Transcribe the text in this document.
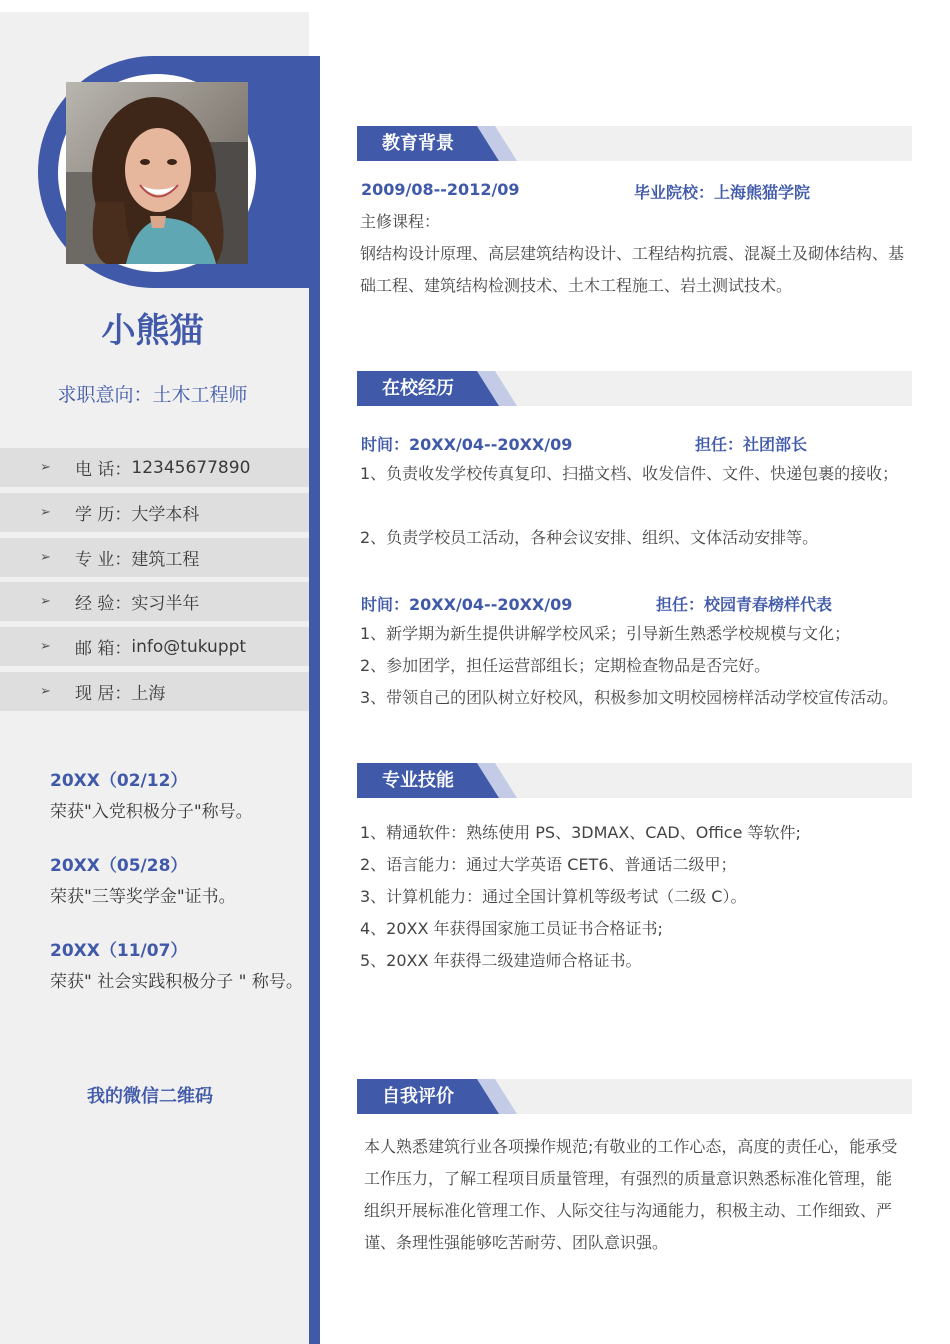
小熊猫
求职意向：土木工程师
➢	电 话： 12345677890
➢	学 历： 大学本科
➢	专 业： 建筑工程
➢	经 验： 实习半年
➢	邮 箱： info@tukuppt
➢	现 居： 上海
20XX（02/12）
荣获"入党积极分子"称号。
20XX（05/28）
荣获"三等奖学金"证书。
20XX（11/07）
荣获" 社会实践积极分子 " 称号。
我的微信二维码
教育背景
2009/08--2012/09	毕业院校：上海熊猫学院
主修课程：
钢结构设计原理、高层建筑结构设计、工程结构抗震、混凝土及砌体结构、基础工程、建筑结构检测技术、土木工程施工、岩土测试技术。
在校经历
时间：20XX/04--20XX/09	担任：社团部长
1、负责收发学校传真复印、扫描文档、收发信件、文件、快递包裹的接收；
2、负责学校员工活动，各种会议安排、组织、文体活动安排等。
时间：20XX/04--20XX/09	担任：校园青春榜样代表
1、新学期为新生提供讲解学校风采；引导新生熟悉学校规模与文化；
2、参加团学，担任运营部组长；定期检查物品是否完好。
3、带领自己的团队树立好校风，积极参加文明校园榜样活动学校宣传活动。
专业技能
1、精通软件：熟练使用 PS、3DMAX、CAD、Office 等软件;
2、语言能力：通过大学英语 CET6、普通话二级甲；
3、计算机能力：通过全国计算机等级考试（二级 C）。
4、20XX 年获得国家施工员证书合格证书;
5、20XX 年获得二级建造师合格证书。
自我评价
本人熟悉建筑行业各项操作规范;有敬业的工作心态，高度的责任心，能承受工作压力，了解工程项目质量管理，有强烈的质量意识熟悉标准化管理，能组织开展标准化管理工作、人际交往与沟通能力，积极主动、工作细致、严谨、条理性强能够吃苦耐劳、团队意识强。
